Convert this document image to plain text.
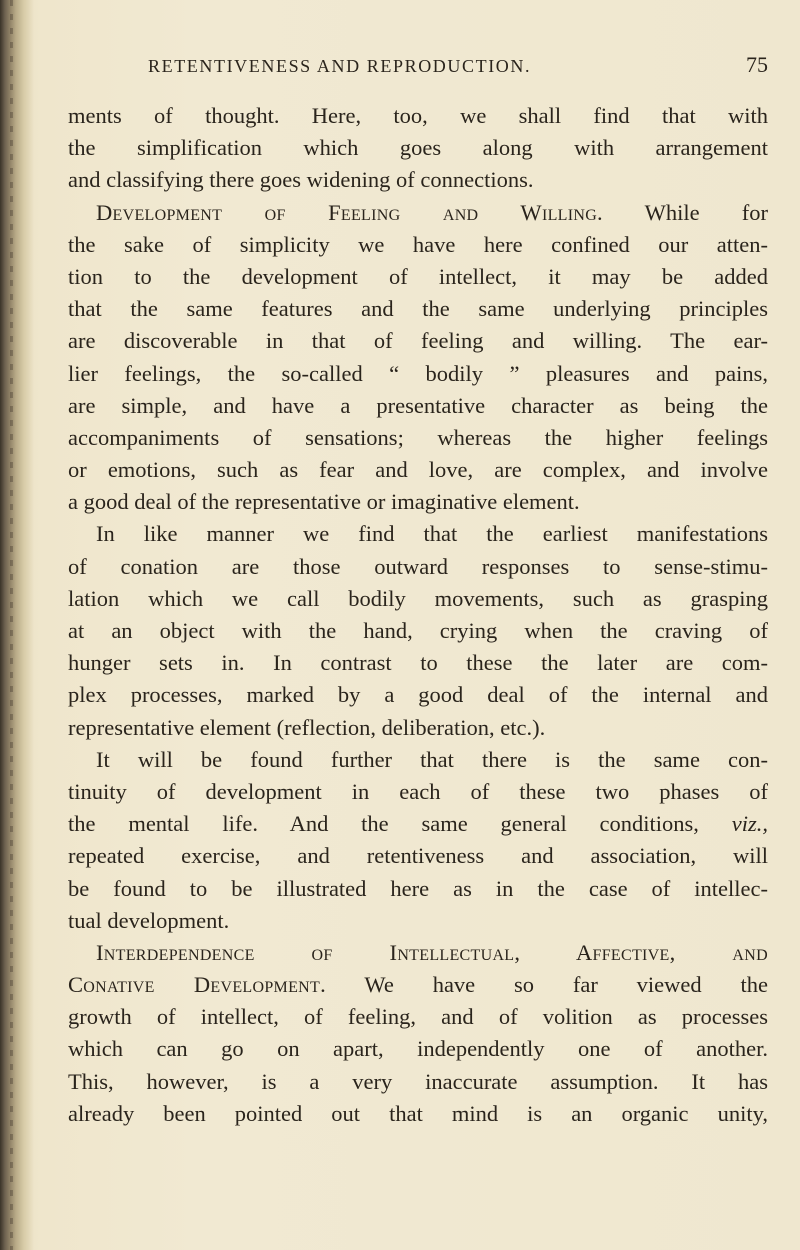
RETENTIVENESS AND REPRODUCTION.	75
ments of thought. Here, too, we shall find that with
the simplification which goes along with arrangement
and classifying there goes widening of connections.
Development of Feeling and Willing. While for
the sake of simplicity we have here confined our atten-
tion to the development of intellect, it may be added
that the same features and the same underlying principles
are discoverable in that of feeling and willing. The ear-
lier feelings, the so-called “ bodily ” pleasures and pains,
are simple, and have a presentative character as being the
accompaniments of sensations; whereas the higher feelings
or emotions, such as fear and love, are complex, and involve
a good deal of the representative or imaginative element.
In like manner we find that the earliest manifestations
of conation are those outward responses to sense-stimu-
lation which we call bodily movements, such as grasping
at an object with the hand, crying when the craving of
hunger sets in. In contrast to these the later are com-
plex processes, marked by a good deal of the internal and
representative element (reflection, deliberation, etc.).
It will be found further that there is the same con-
tinuity of development in each of these two phases of
the mental life. And the same general conditions, viz.,
repeated exercise, and retentiveness and association, will
be found to be illustrated here as in the case of intellec-
tual development.
Interdependence of Intellectual, Affective, and
Conative Development. We have so far viewed the
growth of intellect, of feeling, and of volition as processes
which can go on apart, independently one of another.
This, however, is a very inaccurate assumption. It has
already been pointed out that mind is an organic unity,
